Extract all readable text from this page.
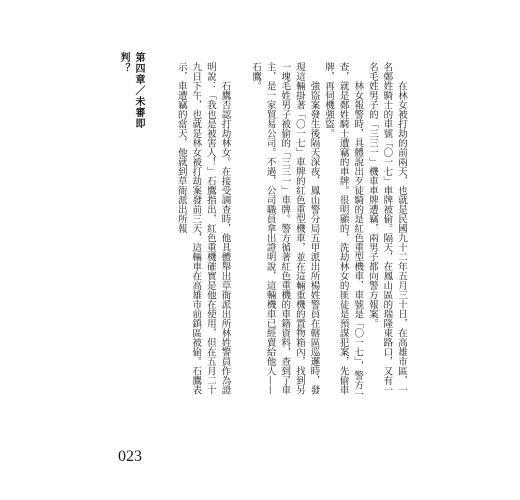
第四章／未審即判？

在林女被打劫的前兩天，也就是民國九十二年五月三十日，在高雄市區，一名鄭姓騎士的車號「〇一七」車牌被偷。隔天，在鳳山區的瑞隆東路口，又有一名毛姓男子的「三三一」機車車牌遭竊，兩男子都向警方報案。

林女報警時，具體說出歹徒騎的是紅色重型機車，車號是「〇一七」，警方一查，就是鄭姓騎士遭竊的車牌。很明顯的，洗劫林女的匪徒是預謀犯案，先偷車牌，再伺機強盜。

強盜案發生後隔天深夜，鳳山警分局五甲派出所楊姓警員在轄區巡邏時，發現這輛掛著「〇一七」車牌的紅色重型機車，並在這輛重機的置物箱內，找到另一塊毛姓男子被偷的「三三一」車牌。警方循著紅色重機的車籍資料，查到了車主，是一家貿易公司。不過，公司職員拿出證明說，這輛機車已經賣給他人——石鷹。

石鷹否認打劫林女。在接受調查時，他具體舉出草衙派出所林姓警員作為證明說：「我也是被害人！」石鷹指出，紅色重機確實是他在使用，但在五月二十九日下午，也就是林女被打劫案發前三天，這輛車在高雄市前鎮區被偷。石鷹表示，車遭竊的當天，他就到草衙派出所報

023
